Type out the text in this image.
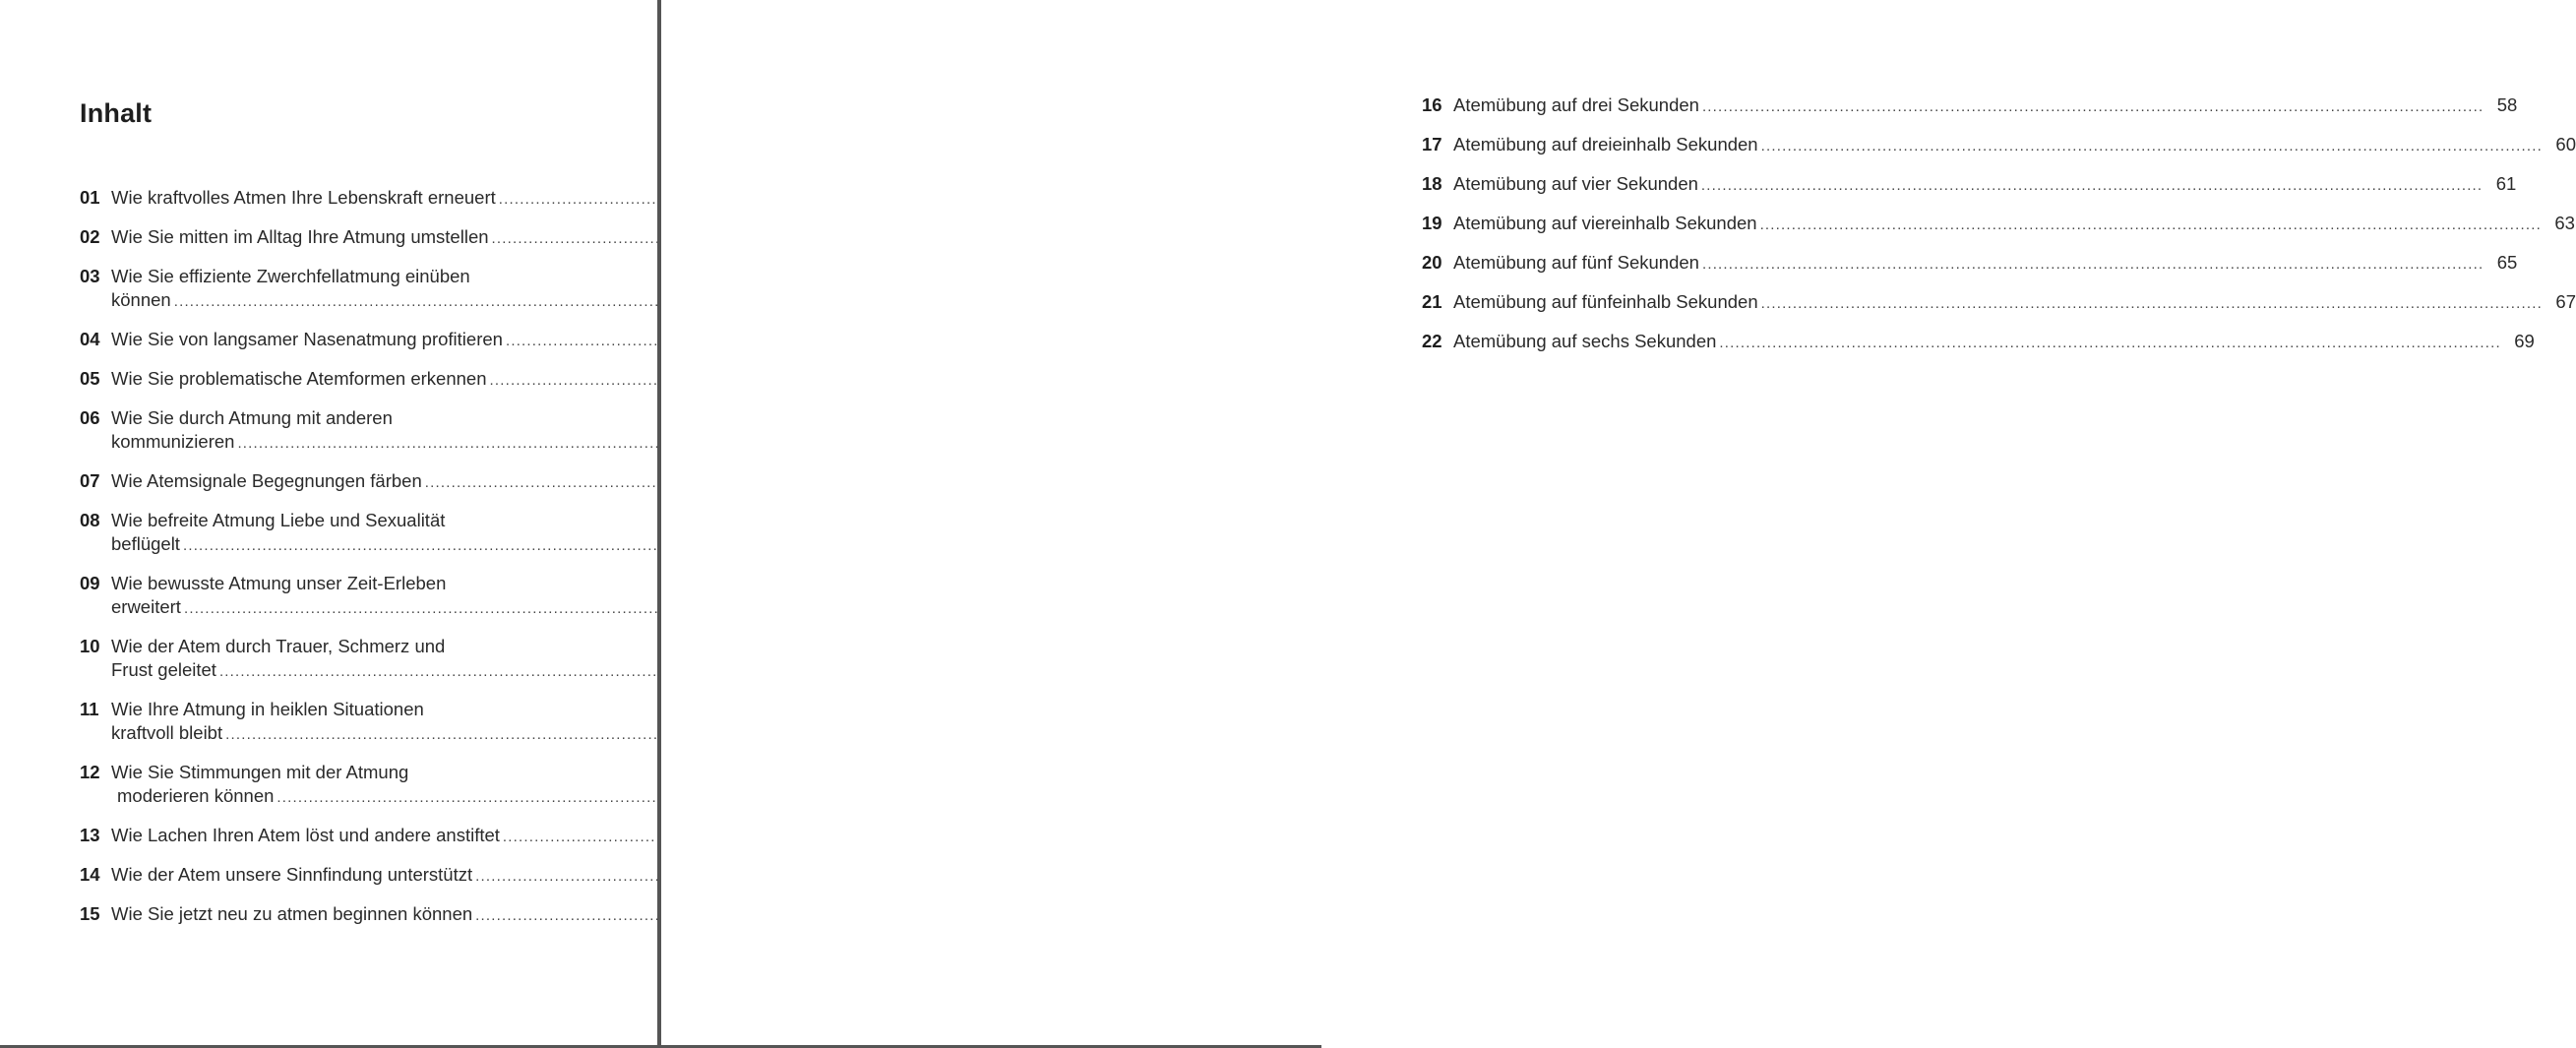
Inhalt
01 Wie kraftvolles Atmen Ihre Lebenskraft erneuert
.....
02 Wie Sie mitten im Alltag Ihre Atmung umstellen
.....
03 Wie Sie effiziente Zwerchfellatmung einüben
können
.....
04 Wie Sie von langsamer Nasenatmung profitieren
.....
05 Wie Sie problematische Atemformen erkennen
.....
06 Wie Sie durch Atmung mit anderen
kommunizieren
.....
07 Wie Atemsignale Begegnungen färben
.....
08 Wie befreite Atmung Liebe und Sexualität
beflügelt
.....
09 Wie bewusste Atmung unser Zeit-Erleben
erweitert
.....
10 Wie der Atem durch Trauer, Schmerz und
Frust geleitet
.....
11 Wie Ihre Atmung in heiklen Situationen
kraftvoll bleibt
.....
12 Wie Sie Stimmungen mit der Atmung
moderieren können
.....
13 Wie Lachen Ihren Atem löst und andere anstiftet
.....
14 Wie der Atem unsere Sinnfindung unterstützt
.....
15 Wie Sie jetzt neu zu atmen beginnen können
.....
16 Atemübung auf drei Sekunden .....	58
17 Atemübung auf dreieinhalb Sekunden .....	60
18 Atemübung auf vier Sekunden .....	61
19 Atemübung auf viereinhalb Sekunden .....	63
20 Atemübung auf fünf Sekunden .....	65
21 Atemübung auf fünfeinhalb Sekunden .....	67
22 Atemübung auf sechs Sekunden .....	69
